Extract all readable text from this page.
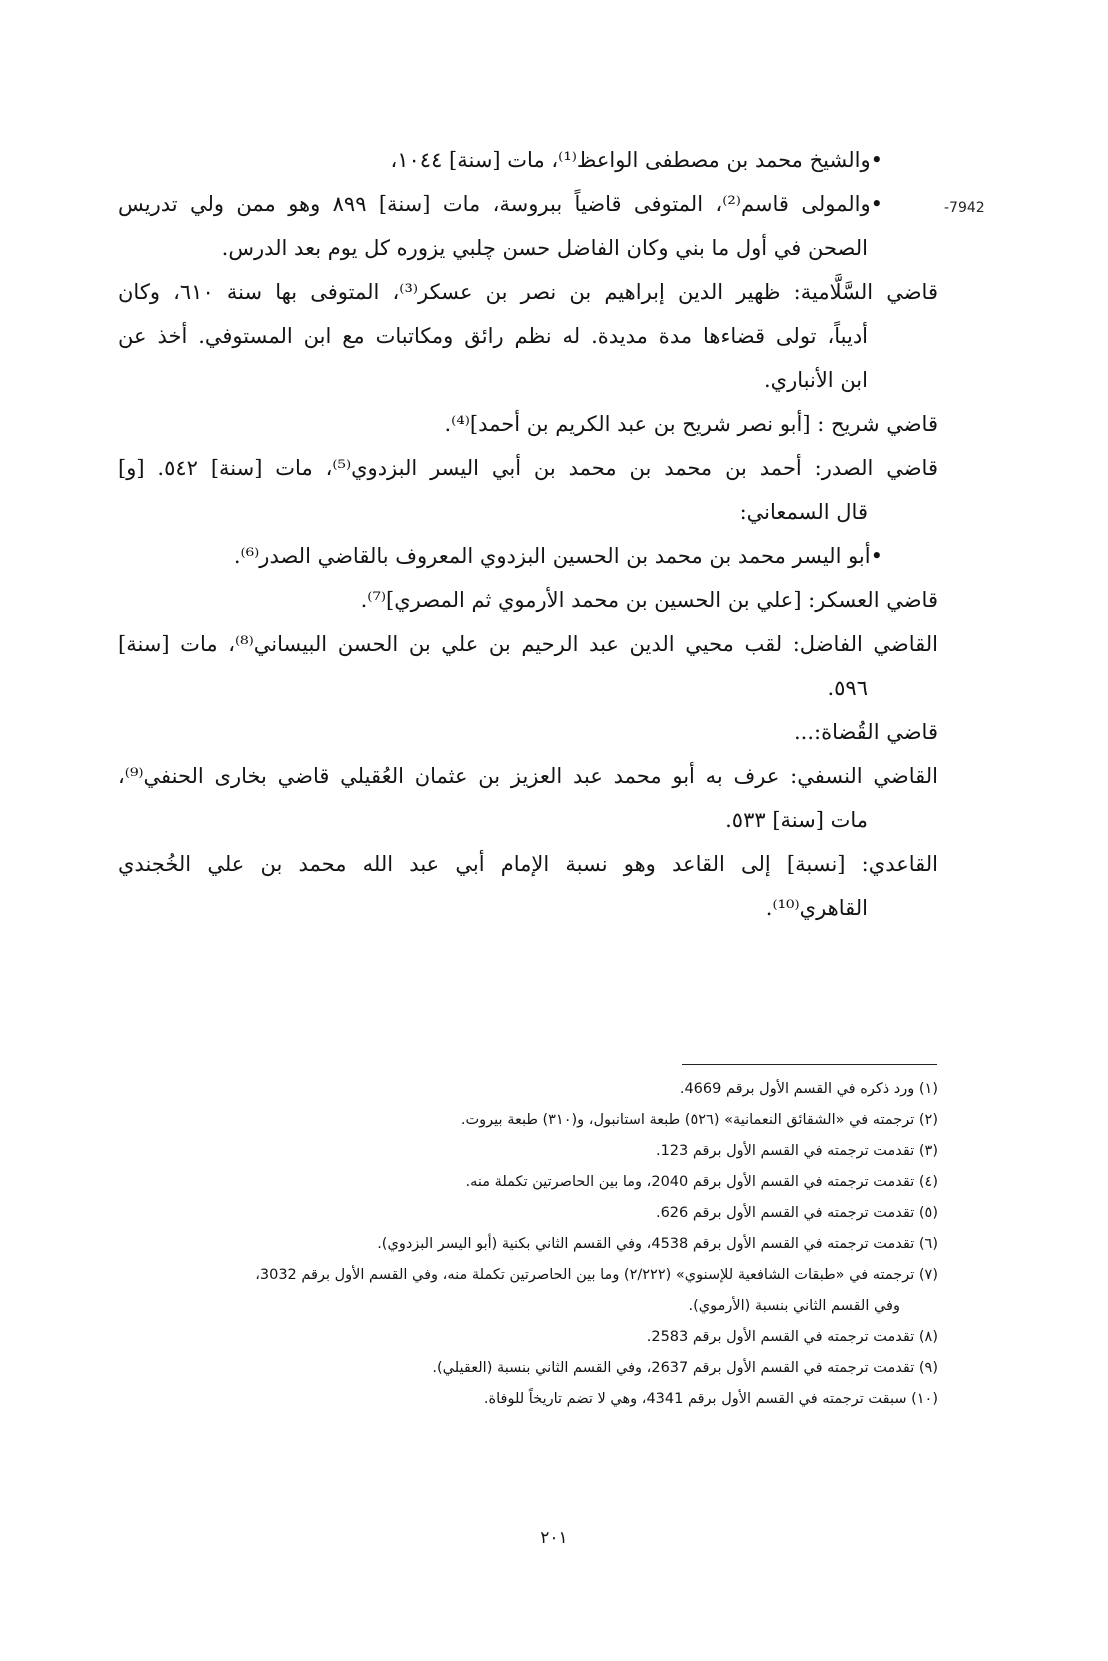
-7942
•والشيخ محمد بن مصطفى الواعظ⁽¹⁾، مات [سنة] ١٠٤٤،
•والمولى قاسم⁽²⁾، المتوفى قاضياً ببروسة، مات [سنة] ٨٩٩ وهو ممن ولي تدريس
الصحن في أول ما بني وكان الفاضل حسن چلبي يزوره كل يوم بعد الدرس.
قاضي السَّلَّامية: ظهير الدين إبراهيم بن نصر بن عسكر⁽³⁾، المتوفى بها سنة ٦١٠، وكان
أديباً، تولى قضاءها مدة مديدة. له نظم رائق ومكاتبات مع ابن المستوفي. أخذ عن
ابن الأنباري.
قاضي شريح : [أبو نصر شريح بن عبد الكريم بن أحمد]⁽⁴⁾.
قاضي الصدر: أحمد بن محمد بن محمد بن أبي اليسر البزدوي⁽⁵⁾، مات [سنة] ٥٤٢. [و]
قال السمعاني:
•أبو اليسر محمد بن محمد بن الحسين البزدوي المعروف بالقاضي الصدر⁽⁶⁾.
قاضي العسكر: [علي بن الحسين بن محمد الأرموي ثم المصري]⁽⁷⁾.
القاضي الفاضل: لقب محيي الدين عبد الرحيم بن علي بن الحسن البيساني⁽⁸⁾، مات [سنة]
٥٩٦.
قاضي القُضاة:...
القاضي النسفي: عرف به أبو محمد عبد العزيز بن عثمان العُقيلي قاضي بخارى الحنفي⁽⁹⁾،
مات [سنة] ٥٣٣.
القاعدي: [نسبة] إلى القاعد وهو نسبة الإمام أبي عبد الله محمد بن علي الخُجندي
القاهري⁽¹⁰⁾.
(١) ورد ذكره في القسم الأول برقم 4669.
(٢) ترجمته في «الشقائق النعمانية» (٥٢٦) طبعة استانبول، و(٣١٠) طبعة بيروت.
(٣) تقدمت ترجمته في القسم الأول برقم 123.
(٤) تقدمت ترجمته في القسم الأول برقم 2040، وما بين الحاصرتين تكملة منه.
(٥) تقدمت ترجمته في القسم الأول برقم 626.
(٦) تقدمت ترجمته في القسم الأول برقم 4538، وفي القسم الثاني بكنية (أبو اليسر البزدوي).
(٧) ترجمته في «طبقات الشافعية للإسنوي» (٢/٢٢٢) وما بين الحاصرتين تكملة منه، وفي القسم الأول برقم 3032،
وفي القسم الثاني بنسبة (الأرموي).
(٨) تقدمت ترجمته في القسم الأول برقم 2583.
(٩) تقدمت ترجمته في القسم الأول برقم 2637، وفي القسم الثاني بنسبة (العقيلي).
(١٠) سبقت ترجمته في القسم الأول برقم 4341، وهي لا تضم تاريخاً للوفاة.
٢٠١
